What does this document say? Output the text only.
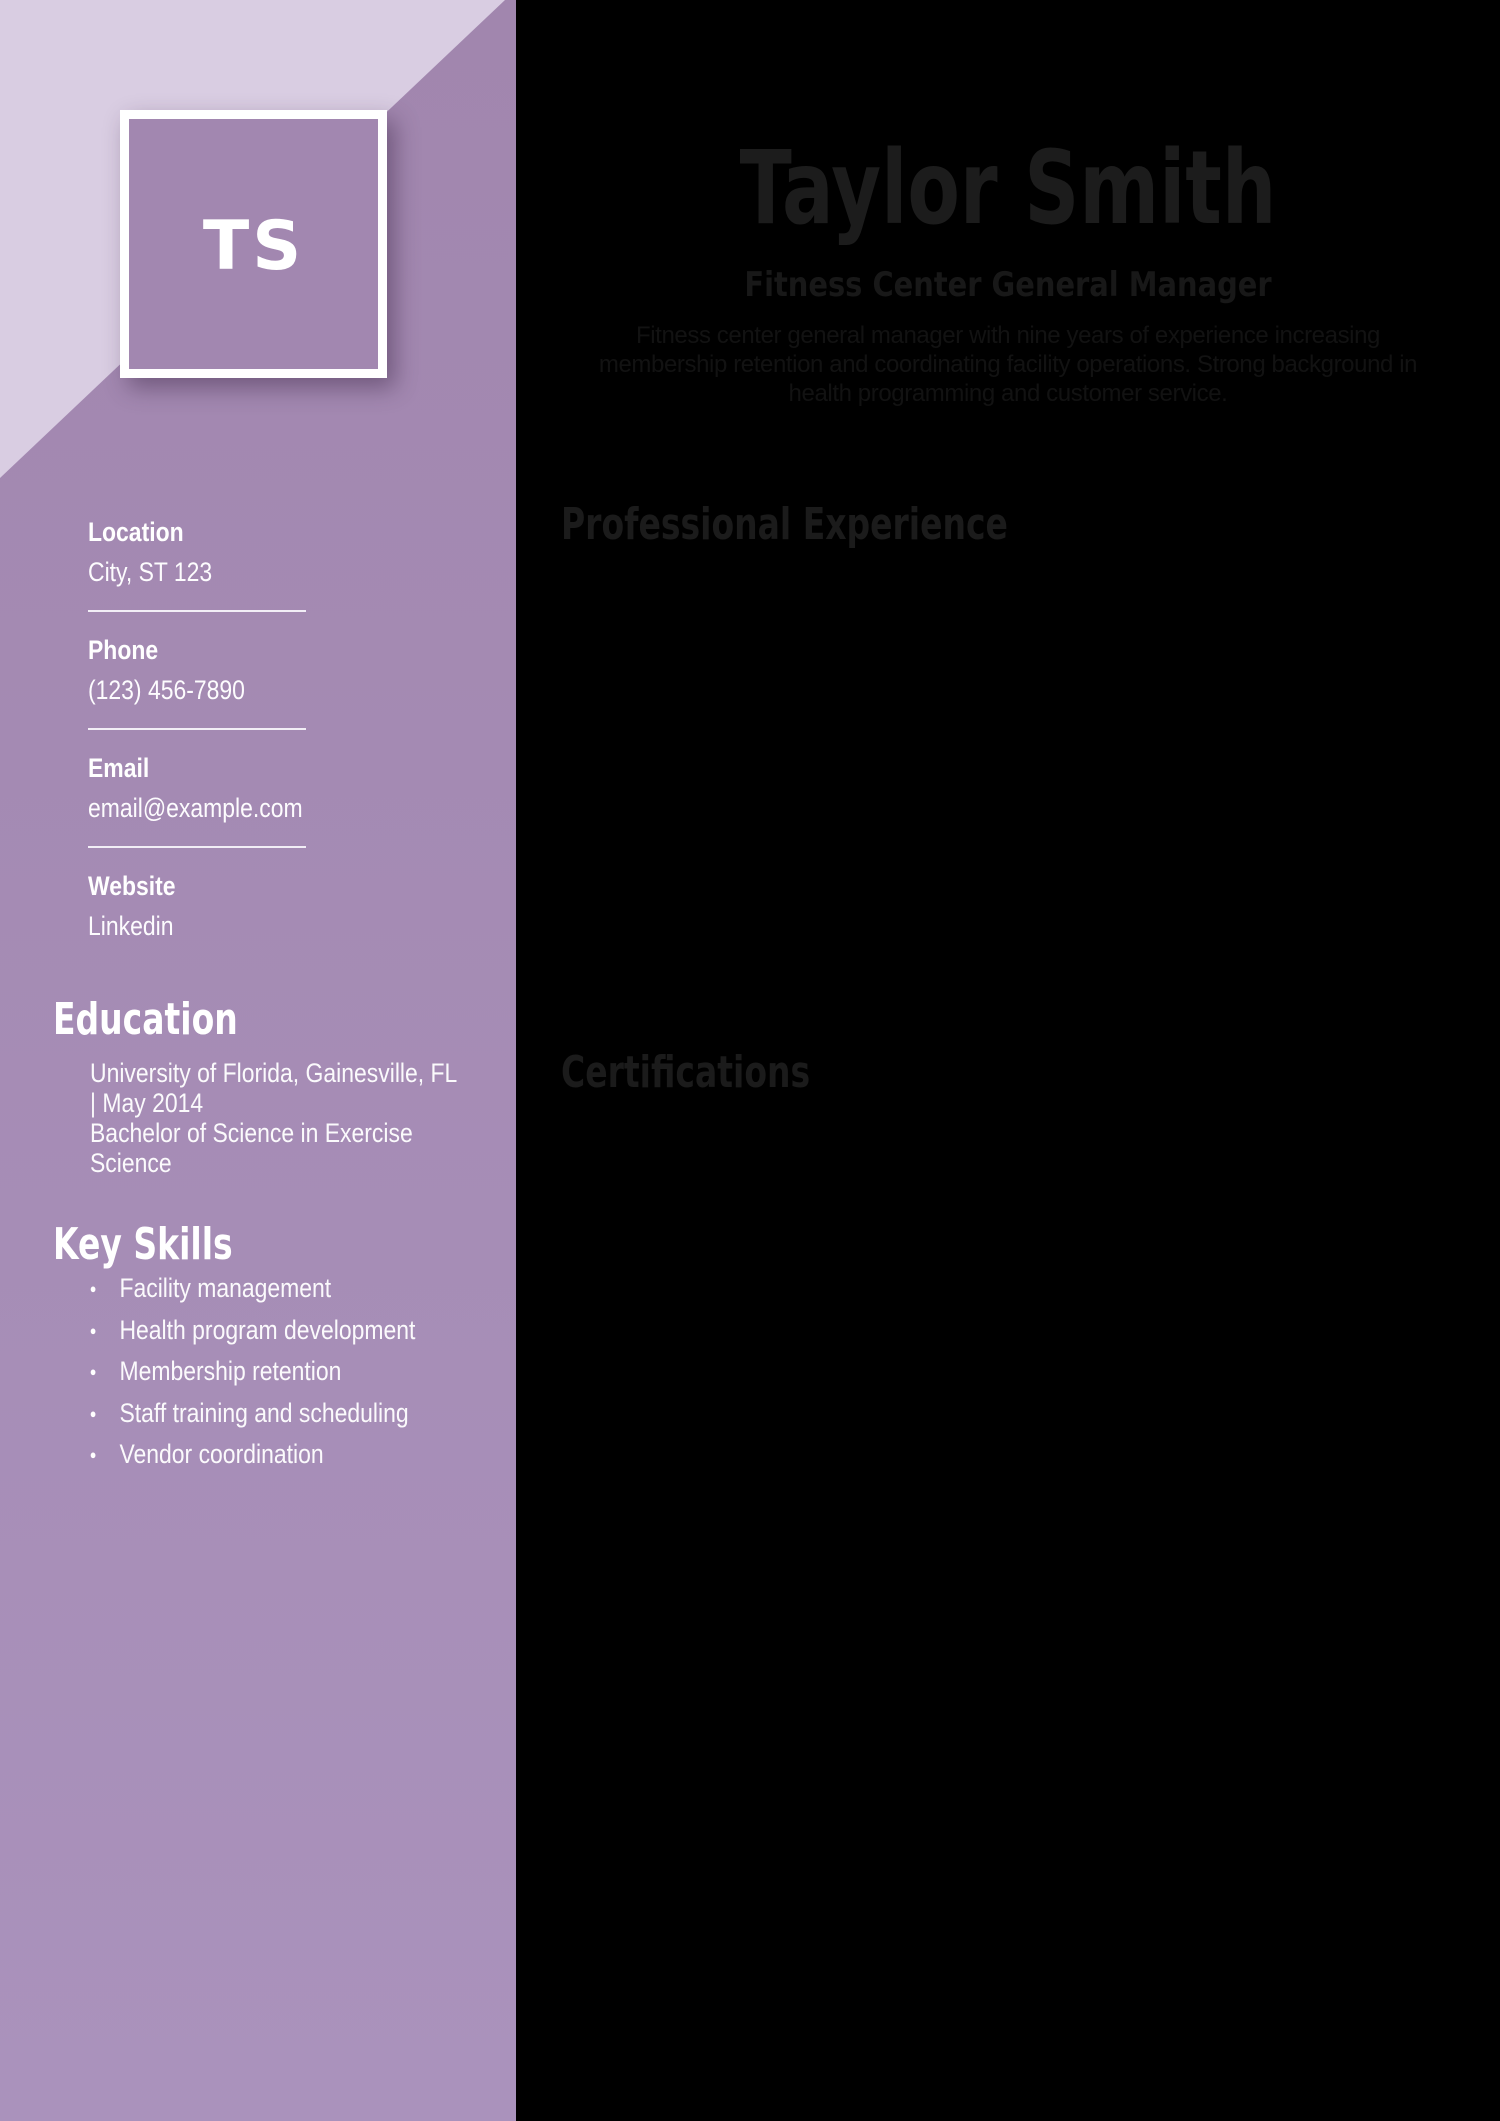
TS
Location
City, ST 123
Phone
(123) 456-7890
Email
email@example.com
Website
Linkedin
Education
University of Florida, Gainesville, FL
| May 2014
Bachelor of Science in Exercise
Science
Key Skills
● Facility management
● Health program development
● Membership retention
● Staff training and scheduling
● Vendor coordination
Taylor Smith
Fitness Center General Manager
Fitness center general manager with nine years of experience increasing
membership retention and coordinating facility operations. Strong background in
health programming and customer service.
Professional Experience
Certifications
